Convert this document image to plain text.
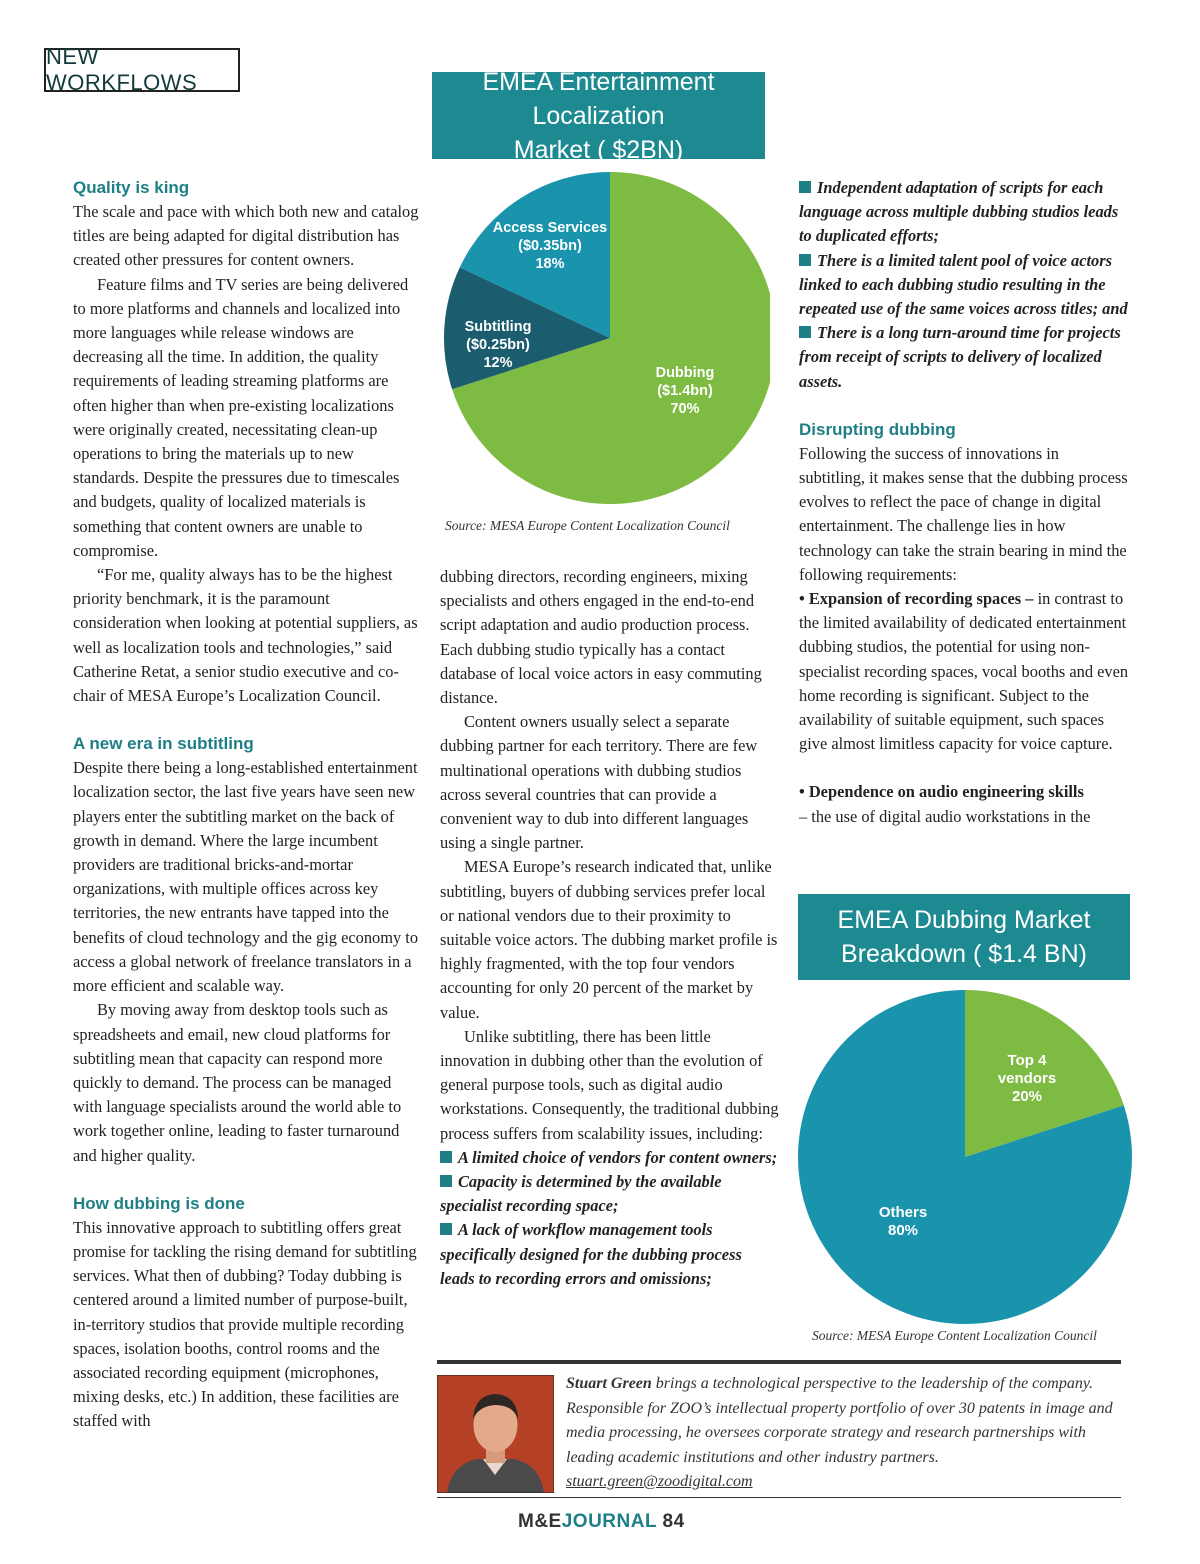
NEW WORKFLOWS
Quality is king

The scale and pace with which both new and catalog titles are being adapted for digital distribution has created other pressures for content owners.

Feature films and TV series are being delivered to more platforms and channels and localized into more languages while release windows are decreasing all the time. In addition, the quality requirements of leading streaming platforms are often higher than when pre-existing localizations were originally created, necessitating clean-up operations to bring the materials up to new standards. Despite the pressures due to timescales and budgets, quality of localized materials is something that content owners are unable to compromise.

“For me, quality always has to be the highest priority benchmark, it is the paramount consideration when looking at potential suppliers, as well as localization tools and technologies,” said Catherine Retat, a senior studio executive and co-chair of MESA Europe’s Localization Council.

A new era in subtitling

Despite there being a long-established entertainment localization sector, the last five years have seen new players enter the subtitling market on the back of growth in demand. Where the large incumbent providers are traditional bricks-and-mortar organizations, with multiple offices across key territories, the new entrants have tapped into the benefits of cloud technology and the gig economy to access a global network of freelance translators in a more efficient and scalable way.

By moving away from desktop tools such as spreadsheets and email, new cloud platforms for subtitling mean that capacity can respond more quickly to demand. The process can be managed with language specialists around the world able to work together online, leading to faster turnaround and higher quality.

How dubbing is done

This innovative approach to subtitling offers great promise for tackling the rising demand for subtitling services. What then of dubbing? Today dubbing is centered around a limited number of purpose-built, in-territory studios that provide multiple recording spaces, isolation booths, control rooms and the associated recording equipment (microphones, mixing desks, etc.) In addition, these facilities are staffed with

EMEA Entertainment Localization
Market ( $2BN)
Access Services
($0.35bn)
18%
Subtitling
($0.25bn)
12%
Dubbing
($1.4bn)
70%
Source: MESA Europe Content Localization Council

dubbing directors, recording engineers, mixing specialists and others engaged in the end-to-end script adaptation and audio production process. Each dubbing studio typically has a contact database of local voice actors in easy commuting distance.

Content owners usually select a separate dubbing partner for each territory. There are few multinational operations with dubbing studios across several countries that can provide a convenient way to dub into different languages using a single partner.

MESA Europe’s research indicated that, unlike subtitling, buyers of dubbing services prefer local or national vendors due to their proximity to suitable voice actors. The dubbing market profile is highly fragmented, with the top four vendors accounting for only 20 percent of the market by value.

Unlike subtitling, there has been little innovation in dubbing other than the evolution of general purpose tools, such as digital audio workstations. Consequently, the traditional dubbing process suffers from scalability issues, including:

A limited choice of vendors for content owners;

Capacity is determined by the available specialist recording space;

A lack of workflow management tools specifically designed for the dubbing process leads to recording errors and omissions;

Independent adaptation of scripts for each language across multiple dubbing studios leads to duplicated efforts;

There is a limited talent pool of voice actors linked to each dubbing studio resulting in the repeated use of the same voices across titles; and

There is a long turn-around time for projects from receipt of scripts to delivery of localized assets.

Disrupting dubbing

Following the success of innovations in subtitling, it makes sense that the dubbing process evolves to reflect the pace of change in digital entertainment. The challenge lies in how technology can take the strain bearing in mind the following requirements:

• Expansion of recording spaces – in contrast to the limited availability of dedicated entertainment dubbing studios, the potential for using non-specialist recording spaces, vocal booths and even home recording is significant. Subject to the availability of suitable equipment, such spaces give almost limitless capacity for voice capture.

• Dependence on audio engineering skills
– the use of digital audio workstations in the

EMEA Dubbing Market
Breakdown ( $1.4 BN)
Top 4 vendors
20%
Others
80%
Source: MESA Europe Content Localization Council
Stuart Green brings a technological perspective to the leadership of the company. Responsible for ZOO’s intellectual property portfolio of over 30 patents in image and media processing, he oversees corporate strategy and research partnerships with leading academic institutions and other industry partners.
stuart.green@zoodigital.com
M&EJOURNAL 84
